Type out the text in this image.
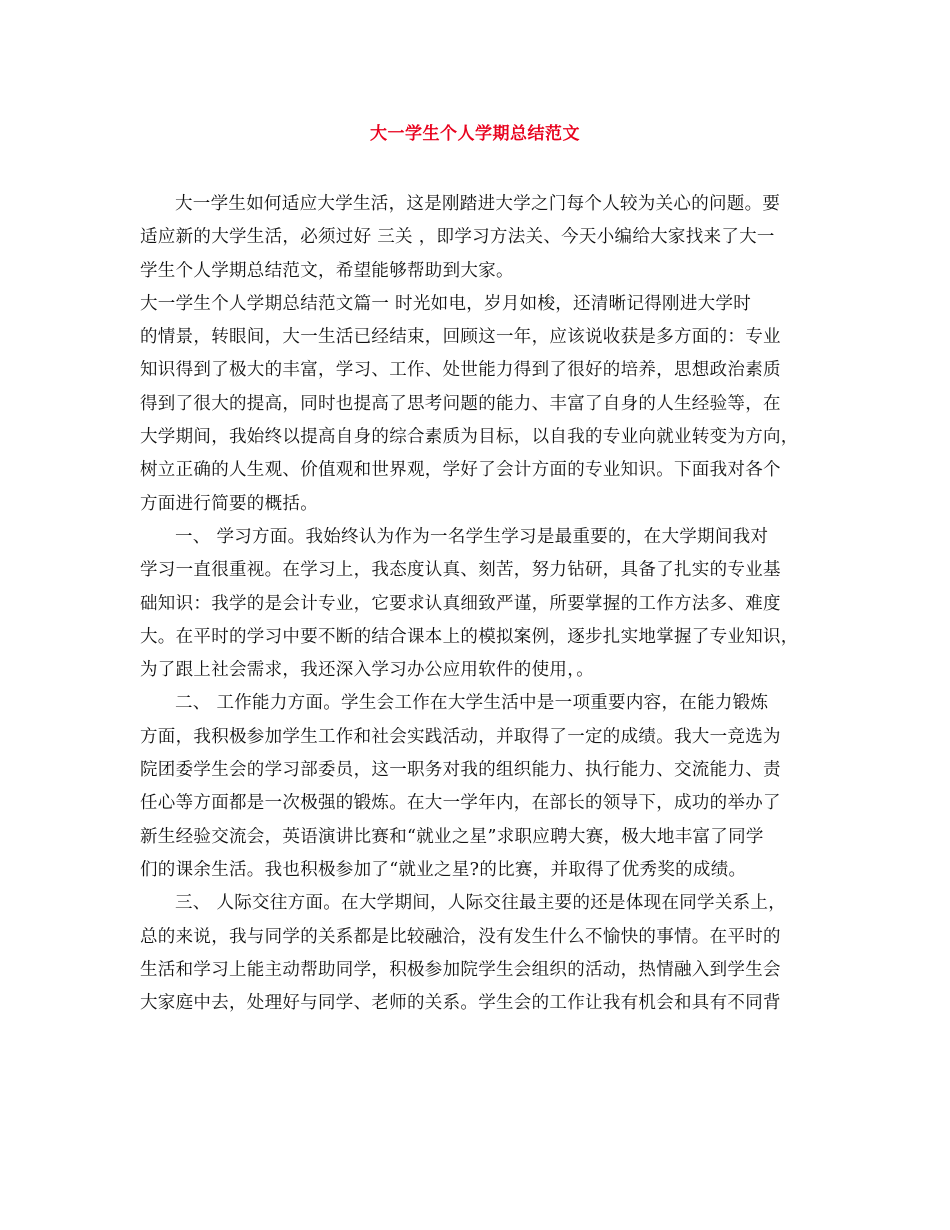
大一学生个人学期总结范文
大一学生如何适应大学生活，这是刚踏进大学之门每个人较为关心的问题。要
适应新的大学生活，必须过好 三关 ，即学习方法关、今天小编给大家找来了大一
学生个人学期总结范文，希望能够帮助到大家。
大一学生个人学期总结范文篇一 时光如电，岁月如梭，还清晰记得刚进大学时
的情景，转眼间，大一生活已经结束，回顾这一年，应该说收获是多方面的：专业
知识得到了极大的丰富，学习、工作、处世能力得到了很好的培养，思想政治素质
得到了很大的提高，同时也提高了思考问题的能力、丰富了自身的人生经验等，在
大学期间，我始终以提高自身的综合素质为目标，以自我的专业向就业转变为方向，
树立正确的人生观、价值观和世界观，学好了会计方面的专业知识。下面我对各个
方面进行简要的概括。
一、 学习方面。我始终认为作为一名学生学习是最重要的，在大学期间我对
学习一直很重视。在学习上，我态度认真、刻苦，努力钻研，具备了扎实的专业基
础知识：我学的是会计专业，它要求认真细致严谨，所要掌握的工作方法多、难度
大。在平时的学习中要不断的结合课本上的模拟案例，逐步扎实地掌握了专业知识，
为了跟上社会需求，我还深入学习办公应用软件的使用，。
二、 工作能力方面。学生会工作在大学生活中是一项重要内容，在能力锻炼
方面，我积极参加学生工作和社会实践活动，并取得了一定的成绩。我大一竞选为
院团委学生会的学习部委员，这一职务对我的组织能力、执行能力、交流能力、责
任心等方面都是一次极强的锻炼。在大一学年内，在部长的领导下，成功的举办了
新生经验交流会，英语演讲比赛和“就业之星”求职应聘大赛，极大地丰富了同学
们的课余生活。我也积极参加了“就业之星?的比赛，并取得了优秀奖的成绩。
三、 人际交往方面。在大学期间，人际交往最主要的还是体现在同学关系上，
总的来说，我与同学的关系都是比较融洽，没有发生什么不愉快的事情。在平时的
生活和学习上能主动帮助同学，积极参加院学生会组织的活动，热情融入到学生会
大家庭中去，处理好与同学、老师的关系。学生会的工作让我有机会和具有不同背
